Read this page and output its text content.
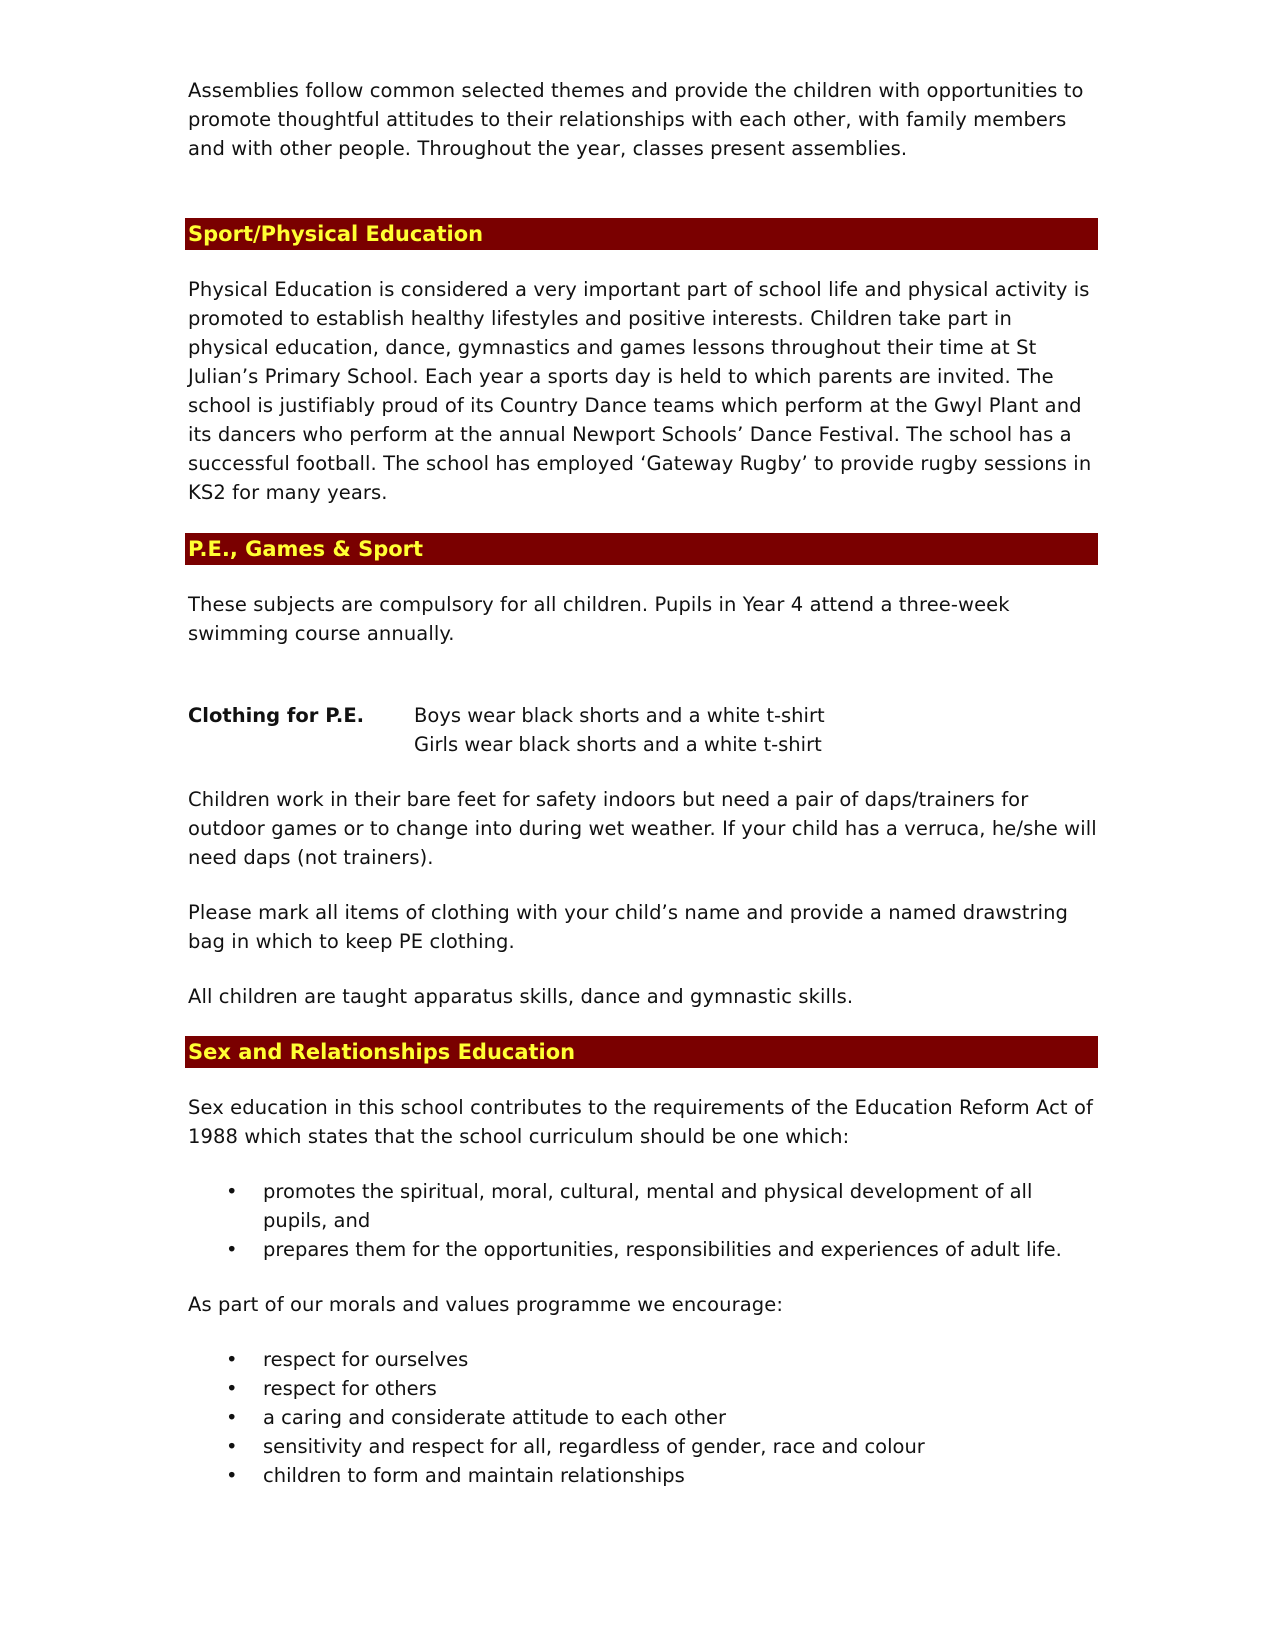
Assemblies follow common selected themes and provide the children with opportunities to promote thoughtful attitudes to their relationships with each other, with family members and with other people. Throughout the year, classes present assemblies.

Sport/Physical Education

Physical Education is considered a very important part of school life and physical activity is promoted to establish healthy lifestyles and positive interests. Children take part in physical education, dance, gymnastics and games lessons throughout their time at St Julian’s Primary School. Each year a sports day is held to which parents are invited. The school is justifiably proud of its Country Dance teams which perform at the Gwyl Plant and its dancers who perform at the annual Newport Schools’ Dance Festival. The school has a successful football. The school has employed ‘Gateway Rugby’ to provide rugby sessions in KS2 for many years.

P.E., Games & Sport

These subjects are compulsory for all children. Pupils in Year 4 attend a three-week swimming course annually.

Clothing for P.E.	Boys wear black shorts and a white t-shirt
Girls wear black shorts and a white t-shirt

Children work in their bare feet for safety indoors but need a pair of daps/trainers for outdoor games or to change into during wet weather. If your child has a verruca, he/she will need daps (not trainers).

Please mark all items of clothing with your child’s name and provide a named drawstring bag in which to keep PE clothing.

All children are taught apparatus skills, dance and gymnastic skills.

Sex and Relationships Education

Sex education in this school contributes to the requirements of the Education Reform Act of 1988 which states that the school curriculum should be one which:

• promotes the spiritual, moral, cultural, mental and physical development of all pupils, and
• prepares them for the opportunities, responsibilities and experiences of adult life.

As part of our morals and values programme we encourage:

• respect for ourselves
• respect for others
• a caring and considerate attitude to each other
• sensitivity and respect for all, regardless of gender, race and colour
• children to form and maintain relationships
